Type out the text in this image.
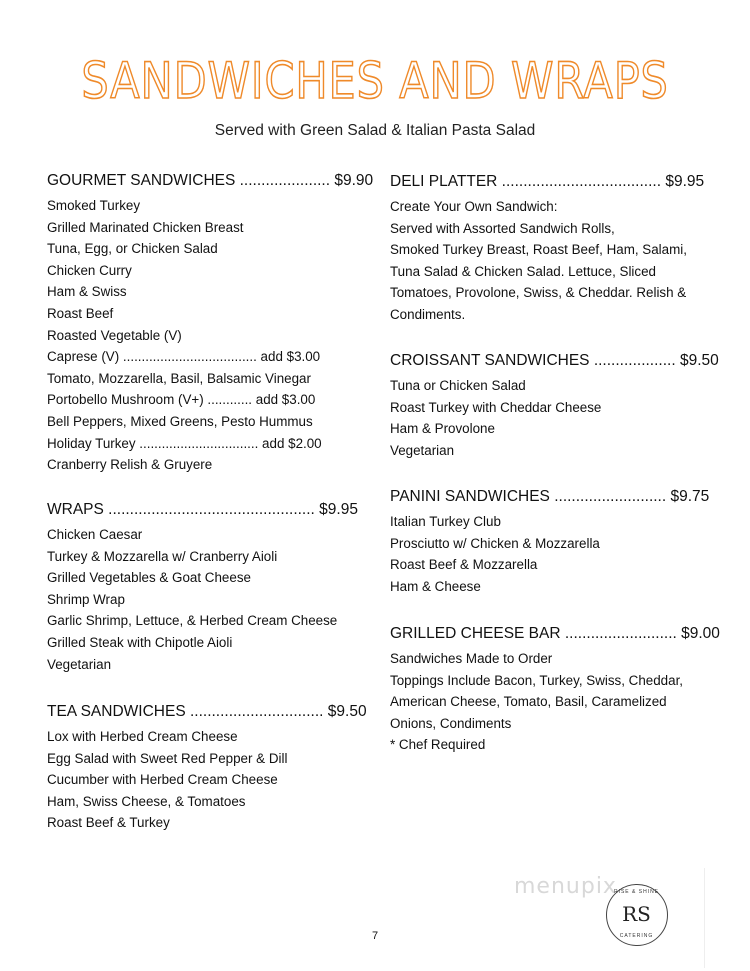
SANDWICHES AND WRAPS
Served with Green Salad & Italian Pasta Salad
GOURMET SANDWICHES ..................... $9.90
Smoked Turkey
Grilled Marinated Chicken Breast
Tuna, Egg, or Chicken Salad
Chicken Curry
Ham & Swiss
Roast Beef
Roasted Vegetable (V)
Caprese (V) .................................... add $3.00
Tomato, Mozzarella, Basil, Balsamic Vinegar
Portobello Mushroom (V+) ............ add $3.00
Bell Peppers, Mixed Greens, Pesto Hummus
Holiday Turkey ................................ add $2.00
Cranberry Relish & Gruyere
WRAPS ................................................ $9.95
Chicken Caesar
Turkey & Mozzarella w/ Cranberry Aioli
Grilled Vegetables & Goat Cheese
Shrimp Wrap
Garlic Shrimp, Lettuce, & Herbed Cream Cheese
Grilled Steak with Chipotle Aioli
Vegetarian
TEA SANDWICHES ............................... $9.50
Lox with Herbed Cream Cheese
Egg Salad with Sweet Red Pepper & Dill
Cucumber with Herbed Cream Cheese
Ham, Swiss Cheese, & Tomatoes
Roast Beef & Turkey
DELI PLATTER ..................................... $9.95
Create Your Own Sandwich:
Served with Assorted Sandwich Rolls,
Smoked Turkey Breast, Roast Beef, Ham, Salami,
Tuna Salad & Chicken Salad. Lettuce, Sliced
Tomatoes, Provolone, Swiss, & Cheddar. Relish &
Condiments.
CROISSANT SANDWICHES ................... $9.50
Tuna or Chicken Salad
Roast Turkey with Cheddar Cheese
Ham & Provolone
Vegetarian
PANINI SANDWICHES .......................... $9.75
Italian Turkey Club
Prosciutto w/ Chicken & Mozzarella
Roast Beef & Mozzarella
Ham & Cheese
GRILLED CHEESE BAR .......................... $9.00
Sandwiches Made to Order
Toppings Include Bacon, Turkey, Swiss, Cheddar,
American Cheese, Tomato, Basil, Caramelized
Onions, Condiments
* Chef Required
menupix
RISE & SHINE
RS
CATERING
7
